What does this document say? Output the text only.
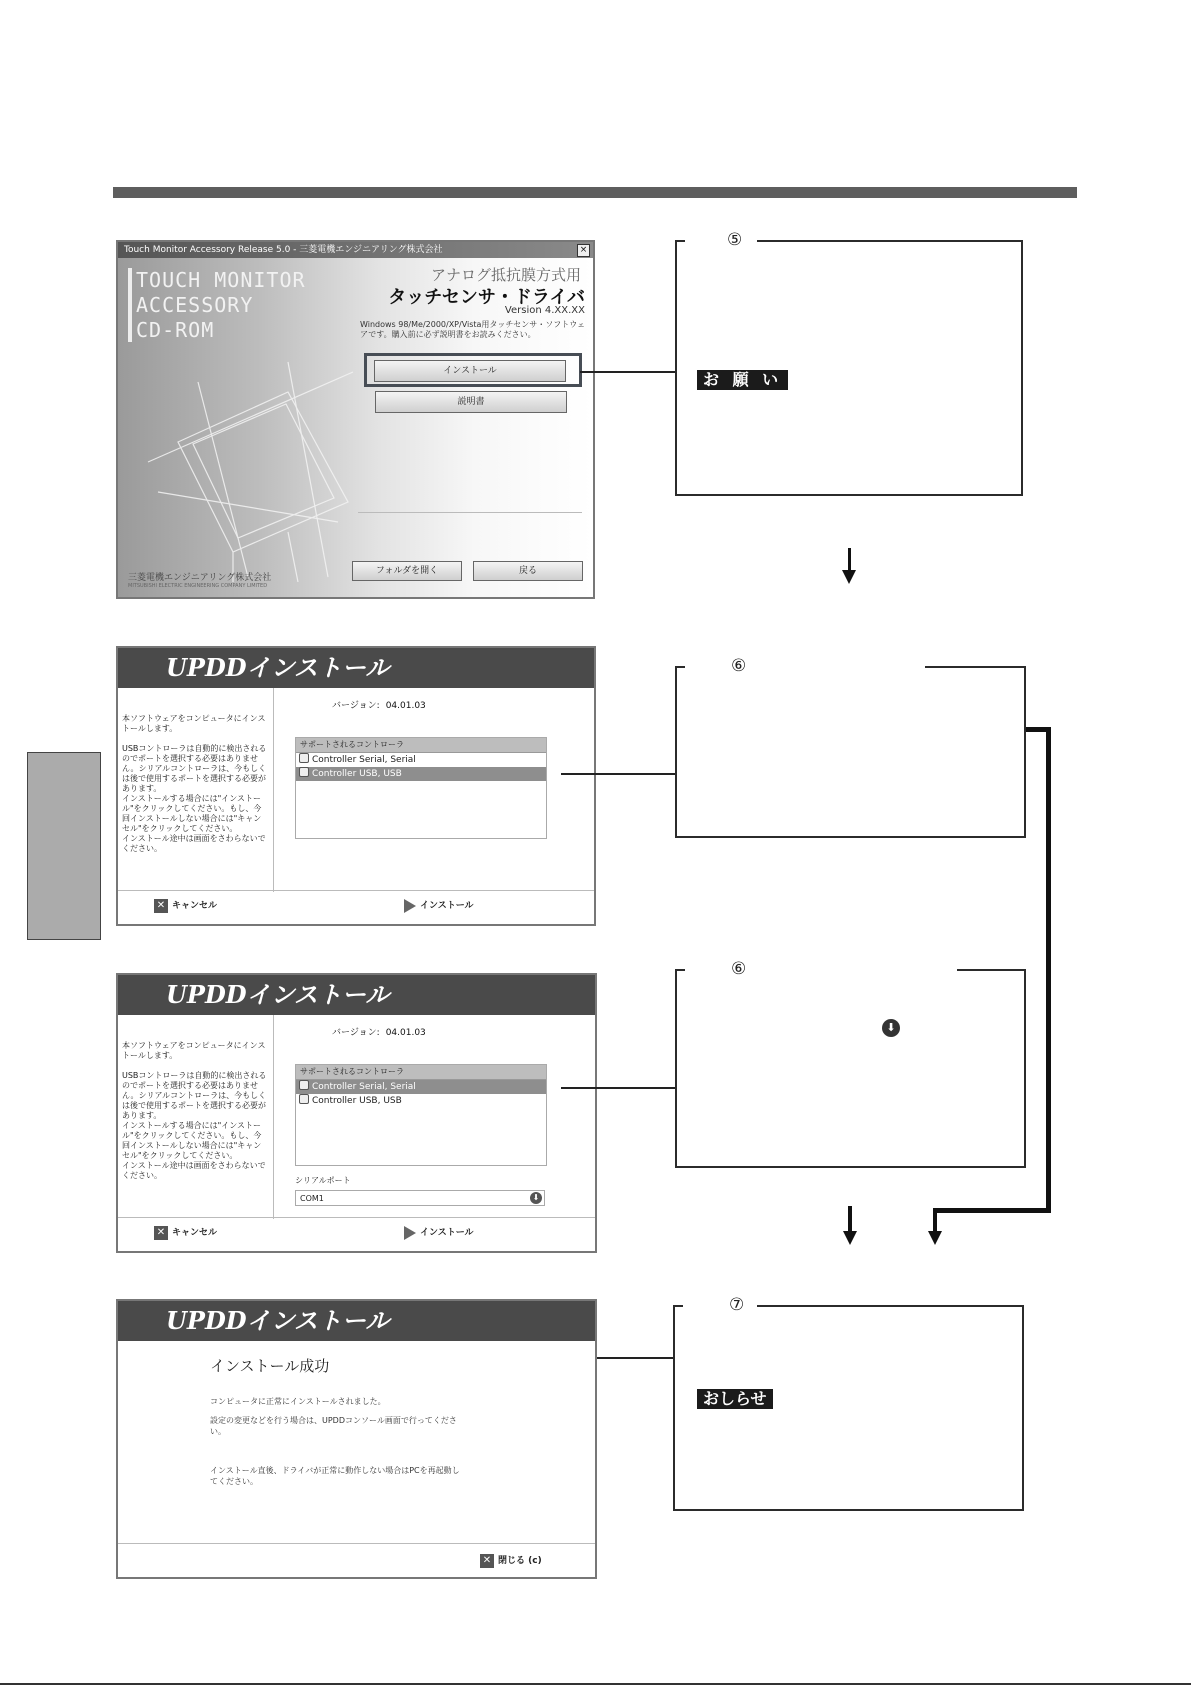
Touch Monitor Accessory Release 5.0 - 三菱電機エンジニアリング株式会社	×
TOUCH MONITOR
ACCESSORY
CD-ROM
アナログ抵抗膜方式用
タッチセンサ・ドライバ
Version 4.XX.XX
Windows 98/Me/2000/XP/Vista用タッチセンサ・ソフトウェアです。購入前に必ず説明書をお読みください。
インストール
説明書
フォルダを開く	戻る
三菱電機エンジニアリング株式会社
MITSUBISHI ELECTRIC ENGINEERING COMPANY LIMITED
⑤
お 願 い
UPDDインストール
本ソフトウェアをコンピュータにインストールします。

USBコントローラは自動的に検出されるのでポートを選択する必要はありません。シリアルコントローラは、今もしくは後で使用するポートを選択する必要があります。
インストールする場合には"インストール"をクリックしてください。もし、今回インストールしない場合には"キャンセル"をクリックしてください。
インストール途中は画面をさわらないでください。
バージョン: 04.01.03
サポートされるコントローラ
Controller Serial, Serial
Controller USB, USB
✕ キャンセル	インストール
⑥
UPDDインストール
本ソフトウェアをコンピュータにインストールします。

USBコントローラは自動的に検出されるのでポートを選択する必要はありません。シリアルコントローラは、今もしくは後で使用するポートを選択する必要があります。
インストールする場合には"インストール"をクリックしてください。もし、今回インストールしない場合には"キャンセル"をクリックしてください。
インストール途中は画面をさわらないでください。
バージョン: 04.01.03
サポートされるコントローラ
Controller Serial, Serial
Controller USB, USB
シリアルポート
COM1	⬇
✕ キャンセル	インストール
⑥
⬇
UPDDインストール
インストール成功
コンピュータに正常にインストールされました。
設定の変更などを行う場合は、UPDDコンソール画面で行ってください。
インストール直後、ドライバが正常に動作しない場合はPCを再起動してください。
✕ 閉じる (c)
⑦
おしらせ
